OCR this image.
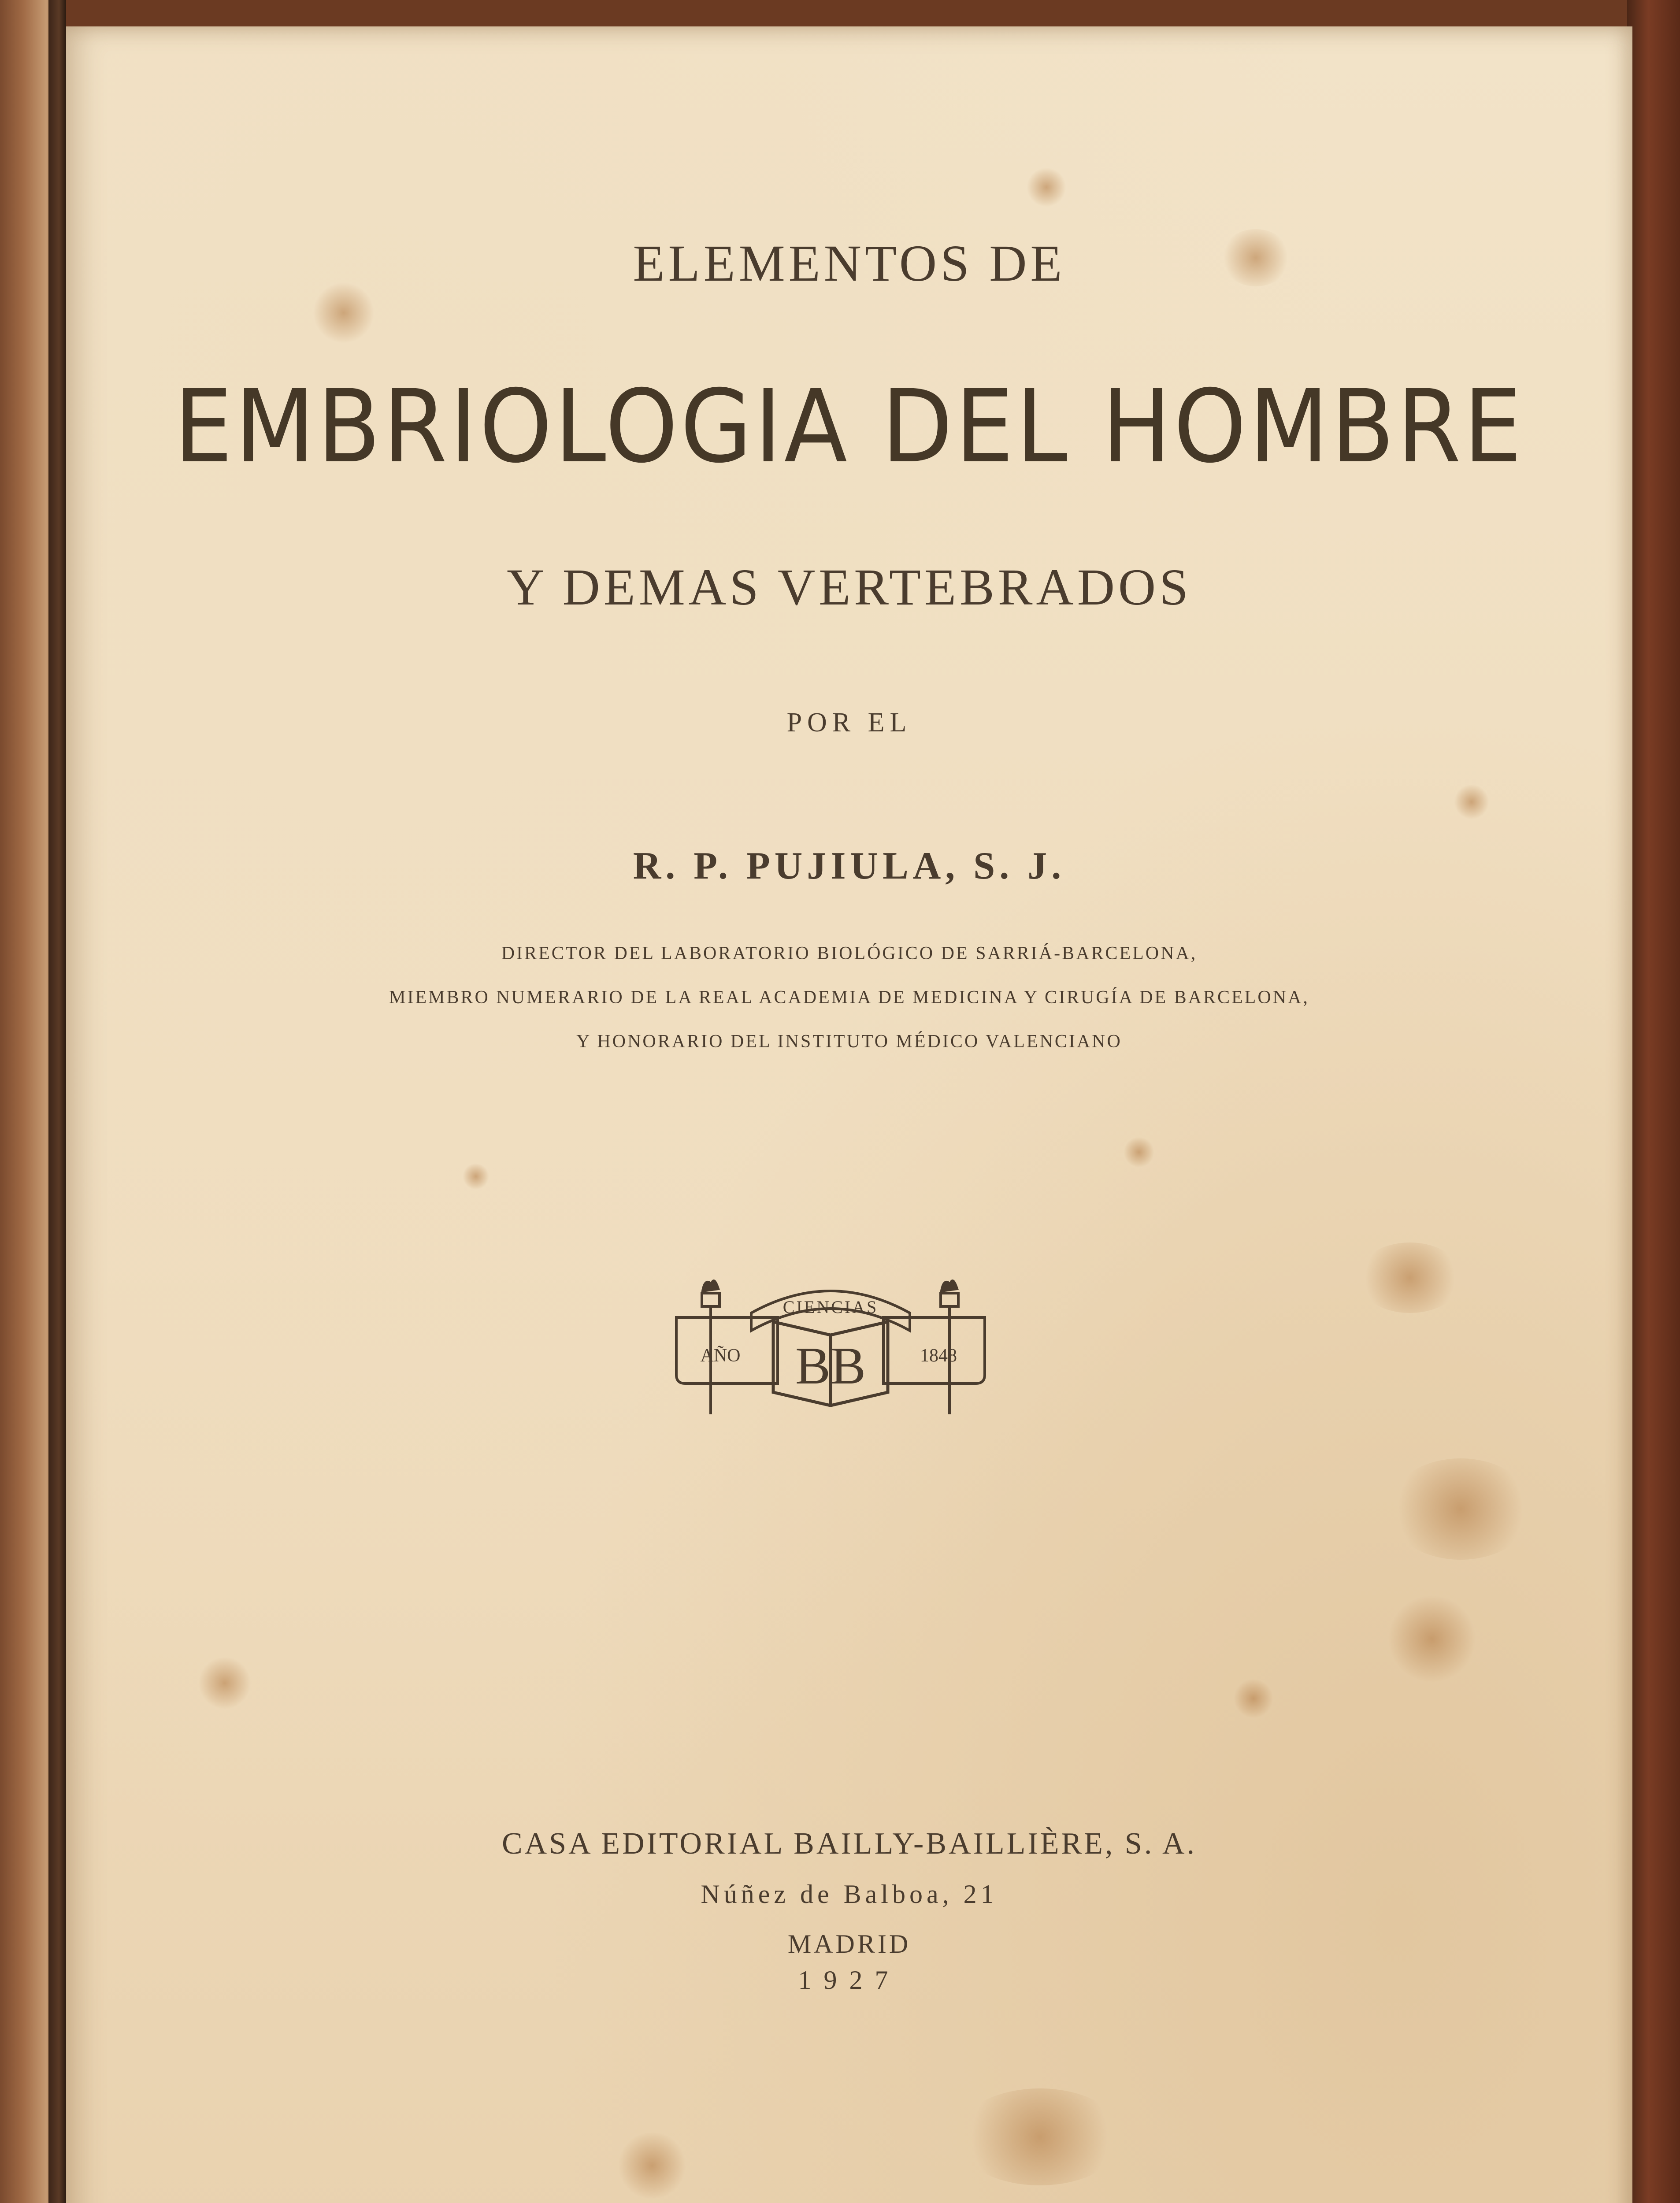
ELEMENTOS DE
EMBRIOLOGIA DEL HOMBRE
Y DEMAS VERTEBRADOS
POR EL
R. P. PUJIULA, S. J.
DIRECTOR DEL LABORATORIO BIOLÓGICO DE SARRIÁ-BARCELONA,
MIEMBRO NUMERARIO DE LA REAL ACADEMIA DE MEDICINA Y CIRUGÍA DE BARCELONA,
Y HONORARIO DEL INSTITUTO MÉDICO VALENCIANO
CIENCIAS
AÑO BB	1848
CASA EDITORIAL BAILLY-BAILLIÈRE, S. A.
Núñez de Balboa, 21
MADRID
1927
